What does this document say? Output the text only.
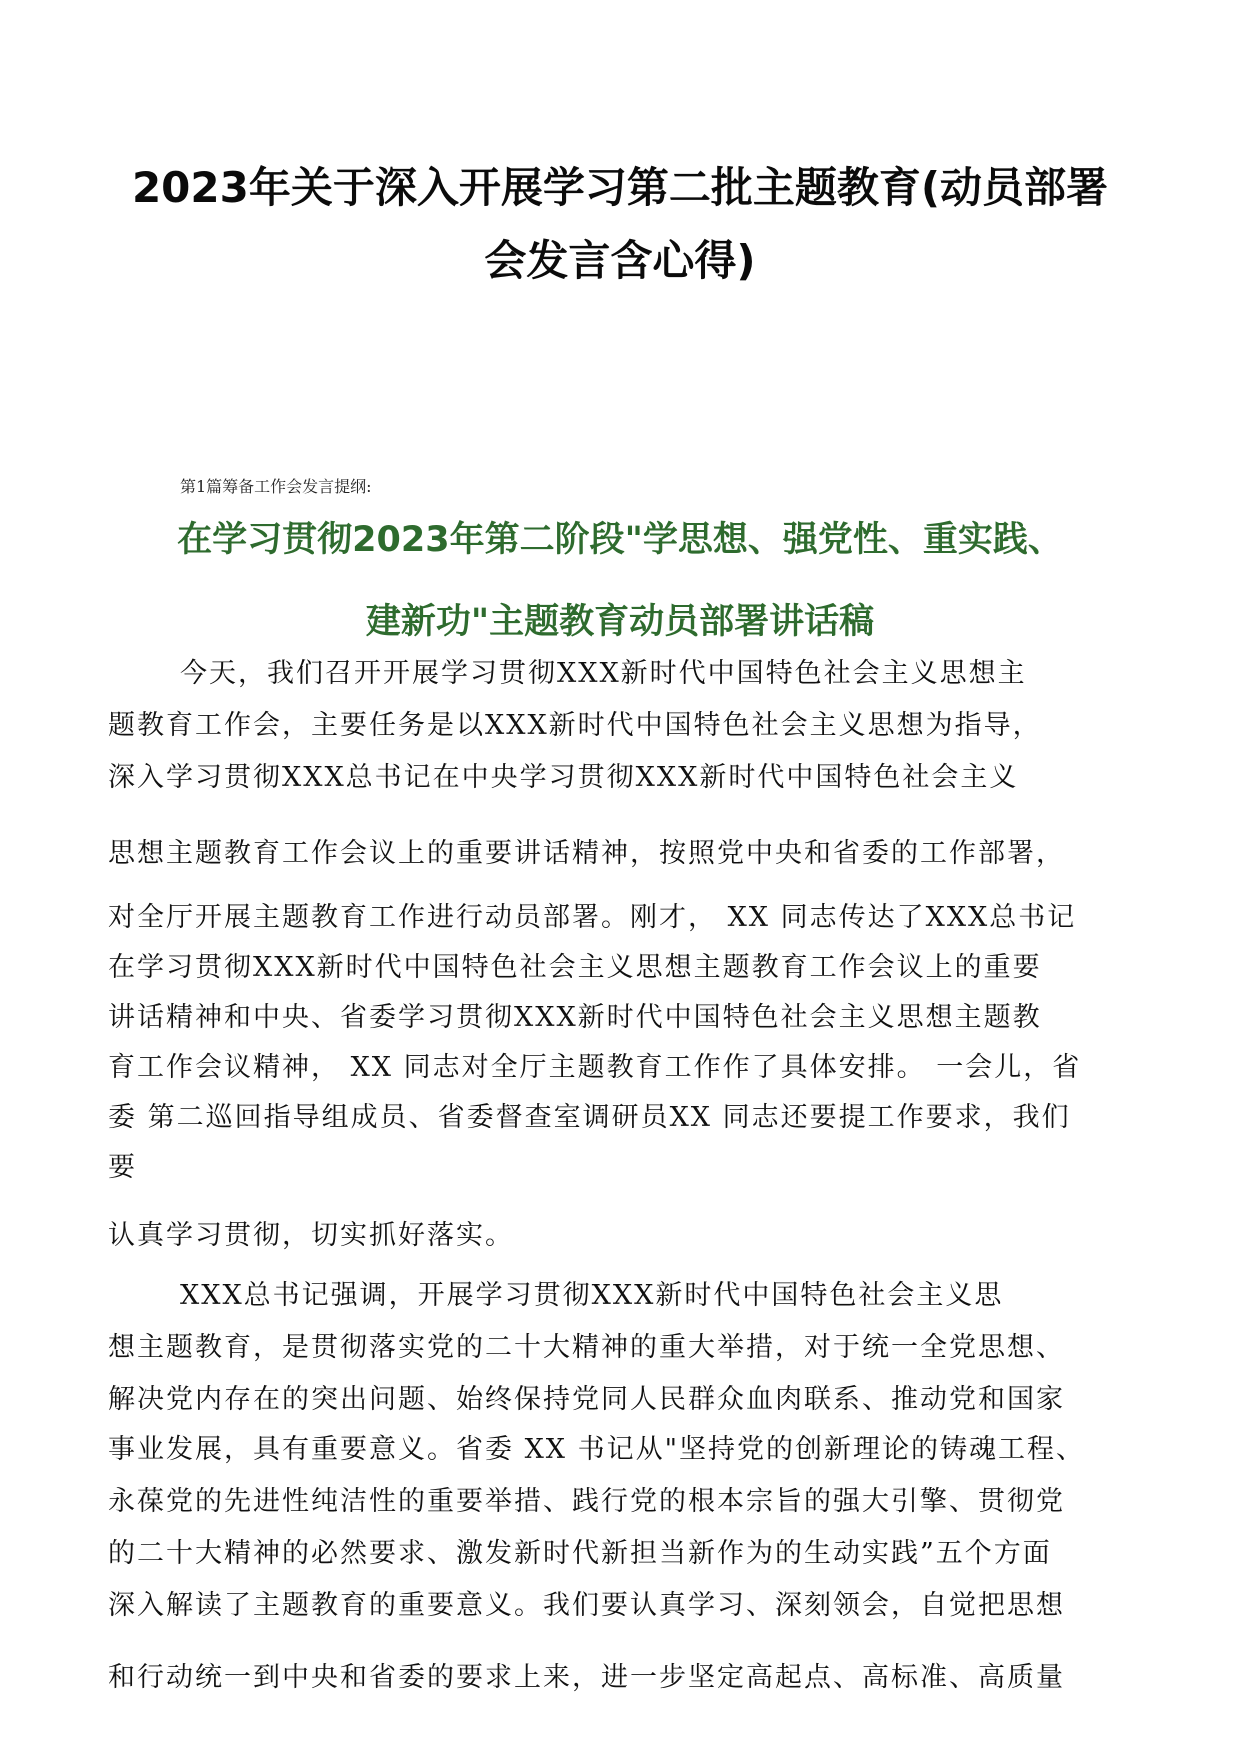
2023年关于深入开展学习第二批主题教育(动员部署
会发言含心得)
第1篇筹备工作会发言提纲:
在学习贯彻2023年第二阶段"学思想、强党性、重实践、
建新功"主题教育动员部署讲话稿
今天，我们召开开展学习贯彻XXX新时代中国特色社会主义思想主
题教育工作会，主要任务是以XXX新时代中国特色社会主义思想为指导，
深入学习贯彻XXX总书记在中央学习贯彻XXX新时代中国特色社会主义
思想主题教育工作会议上的重要讲话精神，按照党中央和省委的工作部署，
对全厅开展主题教育工作进行动员部署。刚才， XX 同志传达了XXX总书记
在学习贯彻XXX新时代中国特色社会主义思想主题教育工作会议上的重要
讲话精神和中央、省委学习贯彻XXX新时代中国特色社会主义思想主题教
育工作会议精神， XX 同志对全厅主题教育工作作了具体安排。 一会儿，省
委 第二巡回指导组成员、省委督查室调研员XX 同志还要提工作要求，我们
要
认真学习贯彻，切实抓好落实。
XXX总书记强调，开展学习贯彻XXX新时代中国特色社会主义思
想主题教育，是贯彻落实党的二十大精神的重大举措，对于统一全党思想、
解决党内存在的突出问题、始终保持党同人民群众血肉联系、推动党和国家
事业发展，具有重要意义。省委 XX 书记从"坚持党的创新理论的铸魂工程、
永葆党的先进性纯洁性的重要举措、践行党的根本宗旨的强大引擎、贯彻党
的二十大精神的必然要求、激发新时代新担当新作为的生动实践”五个方面
深入解读了主题教育的重要意义。我们要认真学习、深刻领会，自觉把思想
和行动统一到中央和省委的要求上来，进一步坚定高起点、高标准、高质量
